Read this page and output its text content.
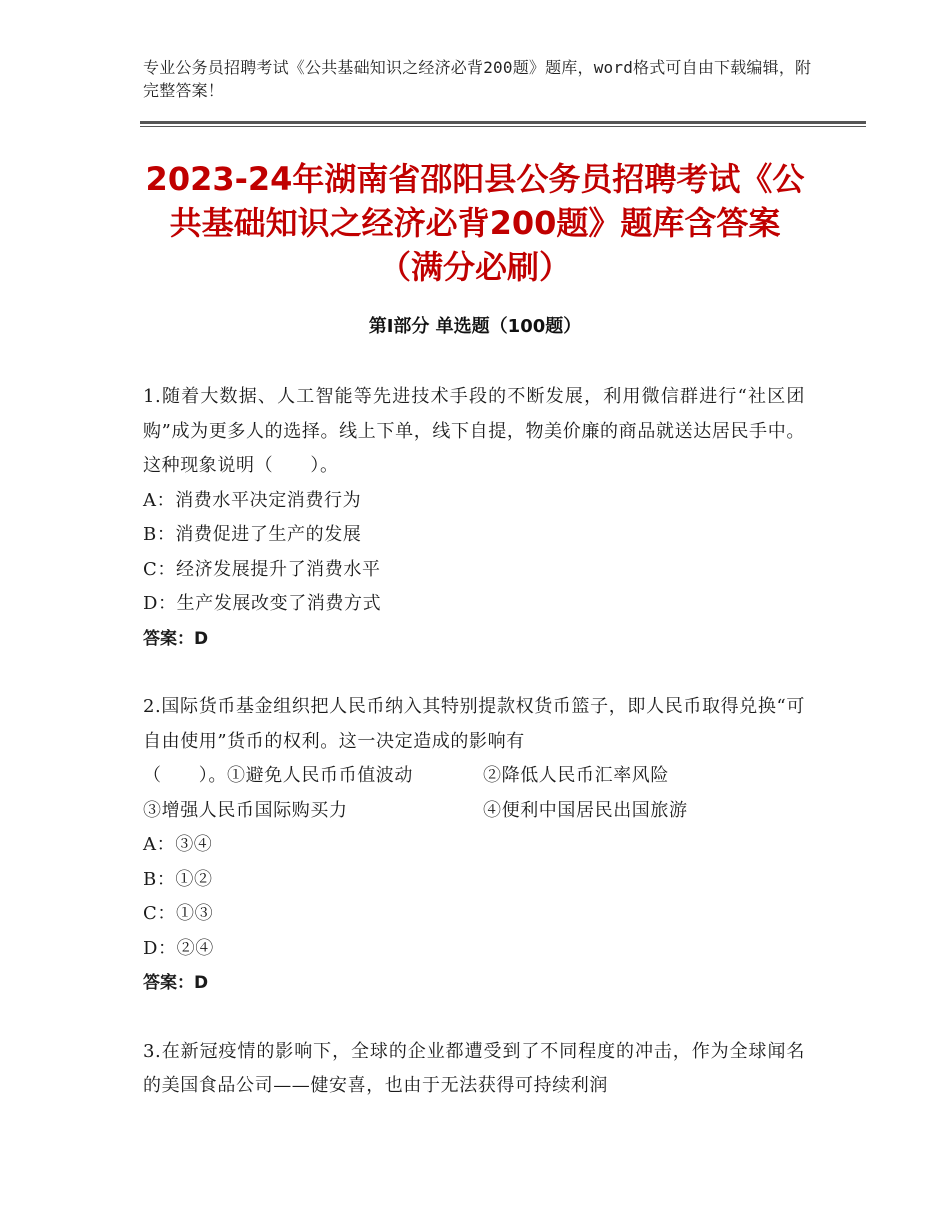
专业公务员招聘考试《公共基础知识之经济必背200题》题库，word格式可自由下载编辑，附完整答案！
2023-24年湖南省邵阳县公务员招聘考试《公共基础知识之经济必背200题》题库含答案（满分必刷）
第Ⅰ部分 单选题（100题）

1.随着大数据、人工智能等先进技术手段的不断发展，利用微信群进行“社区团购”成为更多人的选择。线上下单，线下自提，物美价廉的商品就送达居民手中。这种现象说明（　　）。

A：消费水平决定消费行为

B：消费促进了生产的发展

C：经济发展提升了消费水平

D：生产发展改变了消费方式

答案：D

2.国际货币基金组织把人民币纳入其特别提款权货币篮子，即人民币取得兑换“可自由使用”货币的权利。这一决定造成的影响有

（　　）。①避免人民币币值波动	②降低人民币汇率风险
③增强人民币国际购买力	④便利中国居民出国旅游

A：③④

B：①②

C：①③

D：②④

答案：D

3.在新冠疫情的影响下，全球的企业都遭受到了不同程度的冲击，作为全球闻名的美国食品公司——健安喜，也由于无法获得可持续利润
